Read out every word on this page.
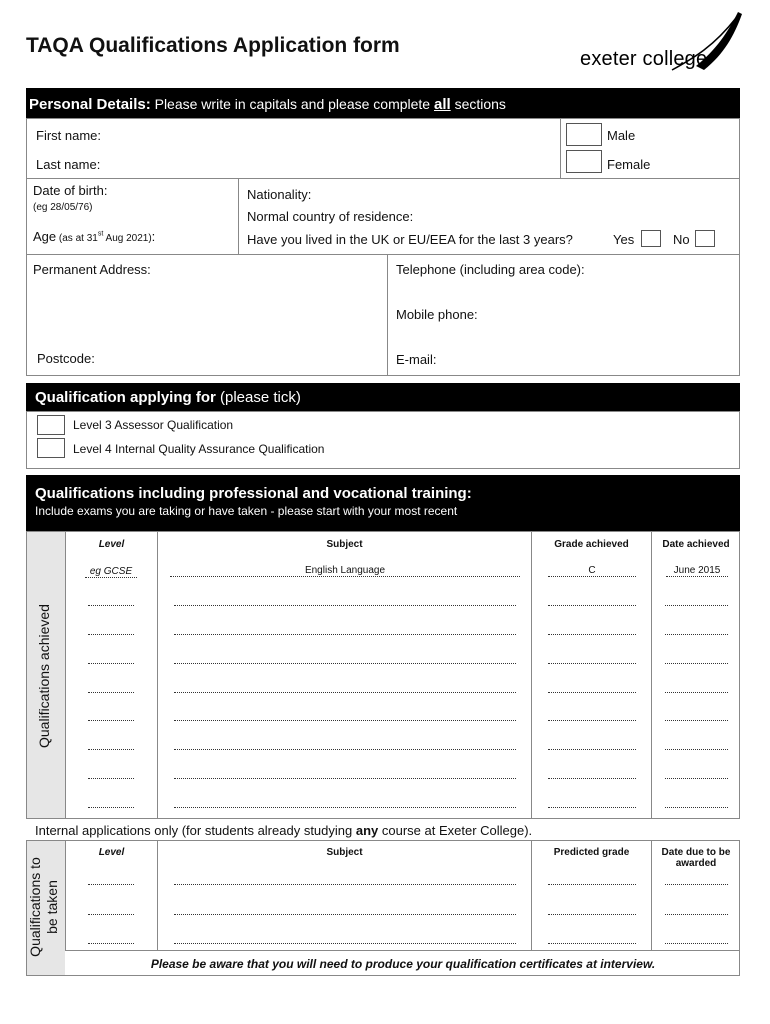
TAQA Qualifications Application form
exeter college
Personal Details: Please write in capitals and please complete all sections
First name:
Last name:
Male
Female
Date of birth:
(eg 28/05/76)
Age (as at 31st Aug 2021):
Nationality:
Normal country of residence:
Have you lived in the UK or EU/EEA for the last 3 years?	Yes	No
Permanent Address:
Postcode:
Telephone (including area code):
Mobile phone:
E-mail:
Qualification applying for (please tick)
Level 3 Assessor Qualification
Level 4 Internal Quality Assurance Qualification
Qualifications including professional and vocational training:
Include exams you are taking or have taken - please start with your most recent
Qualifications achieved
Level	Subject	Grade achieved	Date achieved
eg GCSE	English Language	C	June 2015
Internal applications only (for students already studying any course at Exeter College).
Qualifications to be taken
Level	Subject	Predicted grade	Date due to be
awarded
Please be aware that you will need to produce your qualification certificates at interview.
